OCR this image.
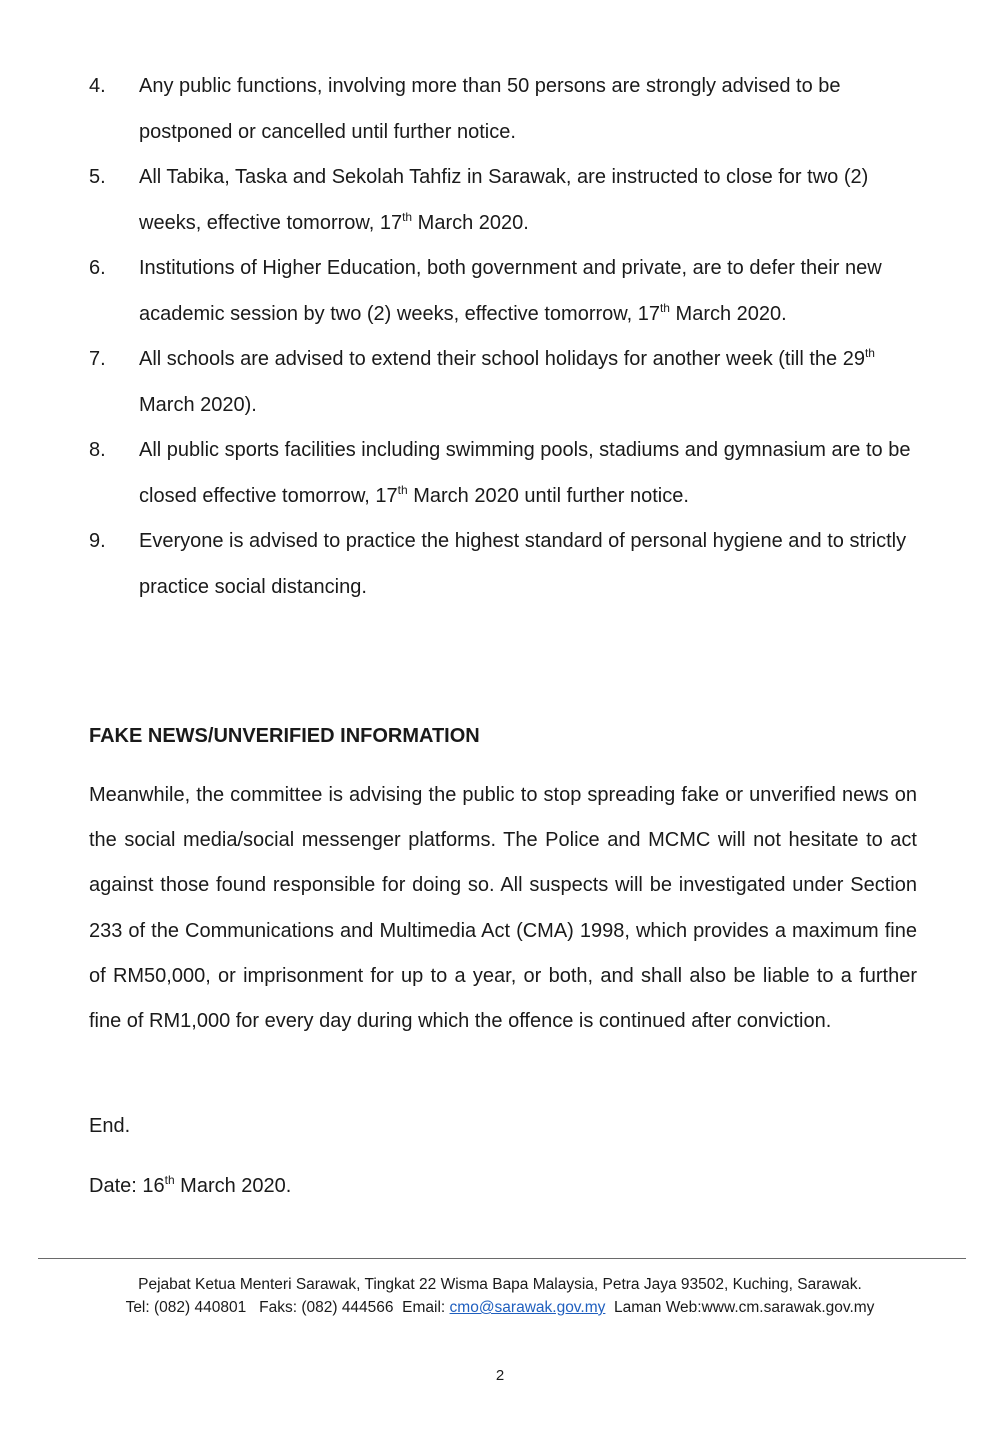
4.	Any public functions, involving more than 50 persons are strongly advised to be postponed or cancelled until further notice.
5.	All Tabika, Taska and Sekolah Tahfiz in Sarawak, are instructed to close for two (2) weeks, effective tomorrow, 17th March 2020.
6.	Institutions of Higher Education, both government and private, are to defer their new academic session by two (2) weeks, effective tomorrow, 17th March 2020.
7.	All schools are advised to extend their school holidays for another week (till the 29th March 2020).
8.	All public sports facilities including swimming pools, stadiums and gymnasium are to be closed effective tomorrow, 17th March 2020 until further notice.
9.	Everyone is advised to practice the highest standard of personal hygiene and to strictly practice social distancing.
FAKE NEWS/UNVERIFIED INFORMATION
Meanwhile, the committee is advising the public to stop spreading fake or unverified news on the social media/social messenger platforms. The Police and MCMC will not hesitate to act against those found responsible for doing so. All suspects will be investigated under Section 233 of the Communications and Multimedia Act (CMA) 1998, which provides a maximum fine of RM50,000, or imprisonment for up to a year, or both, and shall also be liable to a further fine of RM1,000 for every day during which the offence is continued after conviction.
End.
Date: 16th March 2020.
Pejabat Ketua Menteri Sarawak, Tingkat 22 Wisma Bapa Malaysia, Petra Jaya 93502, Kuching, Sarawak.
Tel: (082) 440801   Faks: (082) 444566  Email: cmo@sarawak.gov.my  Laman Web:www.cm.sarawak.gov.my
2
